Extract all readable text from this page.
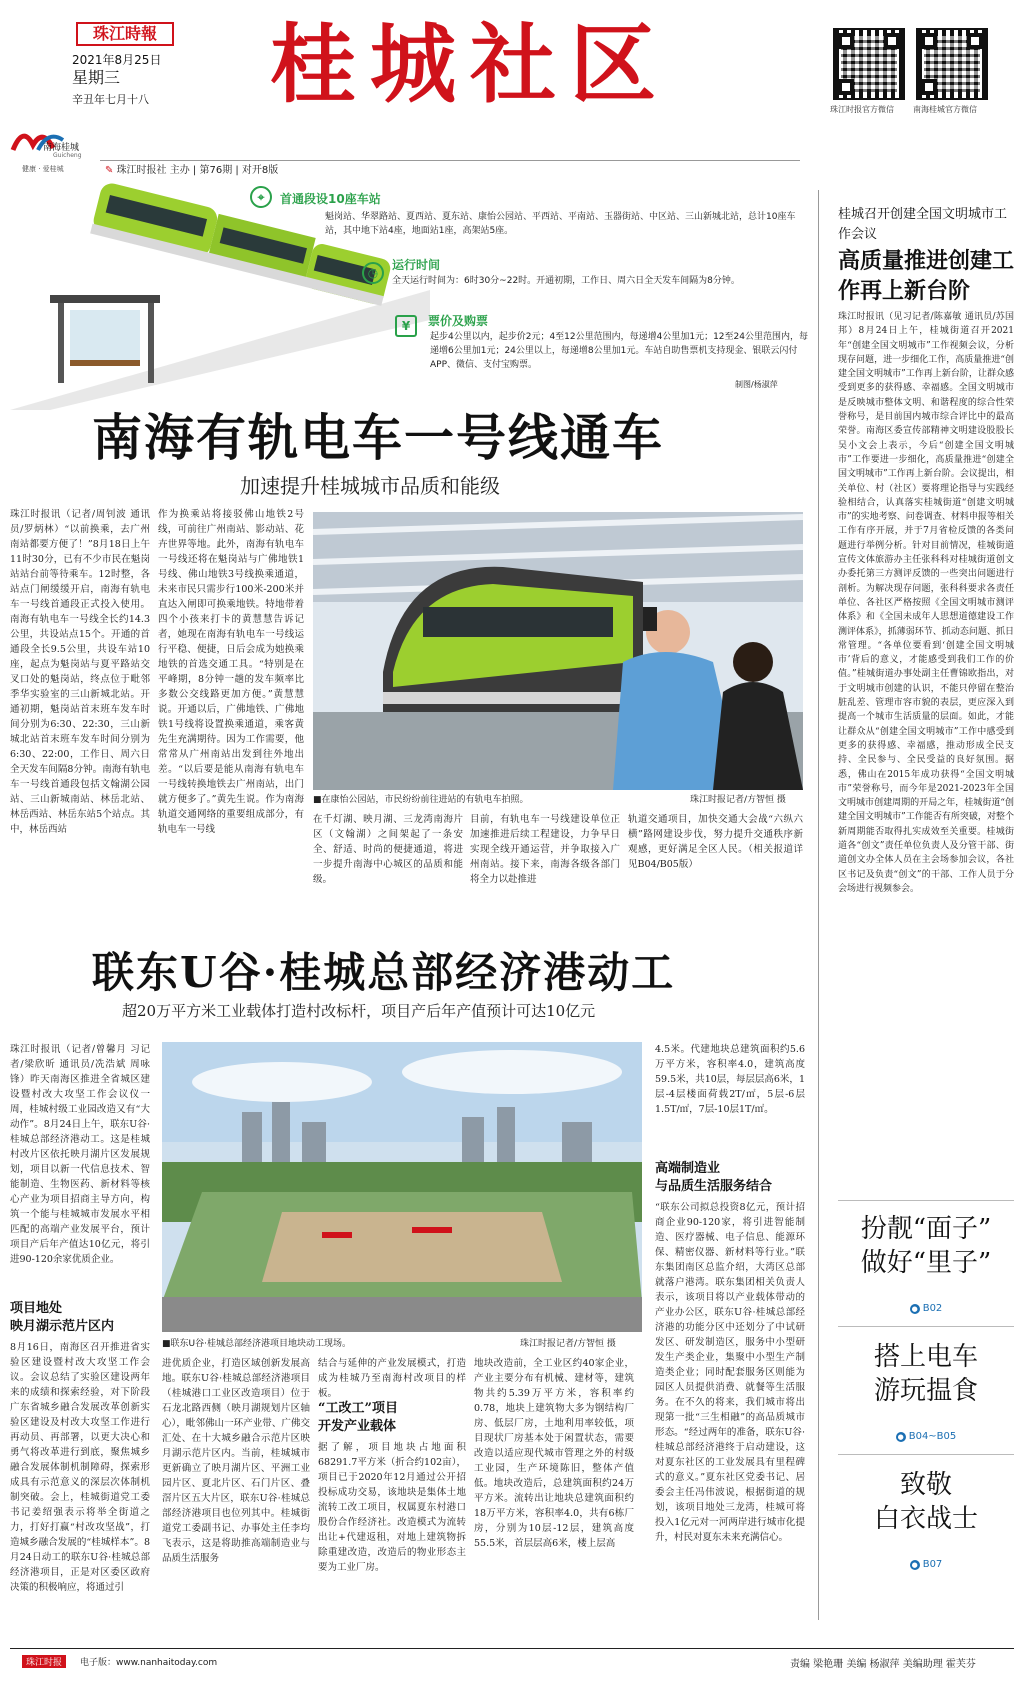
珠江時報
2021年8月25日
星期三
辛丑年七月十八 桂城社区	珠江时报官方微信 南海桂城官方微信
南海桂城
Guicheng
健康 · 爱桂城	✎ 珠江时报社 主办 | 第76期 | 对开8版
⌖	首通段设10座车站
魁岗站、华翠路站、夏西站、夏东站、康怡公园站、平西站、平南站、玉器街站、中区站、三山新城北站，总计10座车站，其中地下站4座，地面站1座，高架站5座。
◷
运行时间
全天运行时间为：6时30分~22时。开通初期，工作日、周六日全天发车间隔为8分钟。
¥	票价及购票
起步4公里以内，起步价2元；4至12公里范围内，每递增4公里加1元；12至24公里范围内，每递增6公里加1元；24公里以上，每递增8公里加1元。车站自助售票机支持现金、银联云闪付APP、微信、支付宝购票。
制图/杨淑萍
南海有轨电车一号线通车
加速提升桂城城市品质和能级
珠江时报讯（记者/周钊波 通讯员/罗炳林）“以前换乘，去广州南站都要方便了！”8月18日上午11时30分，已有不少市民在魁岗站站台前等待乘车。12时整，各站点门闸缓缓开启，南海有轨电车一号线首通段正式投入使用。南海有轨电车一号线全长约14.3公里，共设站点15个。开通的首通段全长9.5公里，共设车站10座，起点为魁岗站与夏平路站交叉口处的魁岗站，终点位于毗邻季华实验室的三山新城北站。开通初期，魁岗站首末班车发车时间分别为6:30、22:30，三山新城北站首末班车发车时间分别为6:30、22:00，工作日、周六日全天发车间隔8分钟。南海有轨电车一号线首通段包括文翰湖公园站、三山新城南站、林岳北站、林岳西站、林岳东站5个站点。其中，林岳西站
作为换乘站将接驳佛山地铁2号线，可前往广州南站、影动站、花卉世界等地。此外，南海有轨电车一号线还将在魁岗站与广佛地铁1号线、佛山地铁3号线换乘通道，未来市民只需步行100米-200米并直达入闸即可换乘地铁。特地带着四个小孩来打卡的黄慧慧告诉记者，她现在南海有轨电车一号线运行平稳、便捷，日后会成为她换乘地铁的首选交通工具。“特别是在平峰期，8分钟一趟的发车频率比多数公交线路更加方便。”黄慧慧说。开通以后，广佛地铁、广佛地铁1号线将设置换乘通道，乘客黄先生充满期待。因为工作需要，他常常从广州南站出发到往外地出差。“以后要是能从南海有轨电车一号线转换地铁去广州南站，出门就方便多了。”黄先生说。作为南海轨道交通网络的重要组成部分，有轨电车一号线
■在康怡公园站，市民纷纷前往进站的有轨电车拍照。	珠江时报记者/方智恒 摄
在千灯湖、映月湖、三龙湾南海片区（文翰湖）之间架起了一条安全、舒适、时尚的便捷通道，将进一步提升南海中心城区的品质和能级。
目前，有轨电车一号线建设单位正加速推进后续工程建设，力争早日实现全线开通运营，并争取接入广州南站。接下来，南海各级各部门将全力以赴推进
轨道交通项目，加快交通大会战“六纵六横”路网建设步伐，努力提升交通秩序新观感，更好满足全区人民。（相关报道详见B04/B05版）
联东U谷·桂城总部经济港动工
超20万平方米工业载体打造村改标杆，项目产后年产值预计可达10亿元
珠江时报讯（记者/曾馨月 习记者/梁欣昕 通讯员/冼浩斌 周咏锋）昨天南海区推进全省城区建设暨村改大攻坚工作会议仪一周，桂城村级工业园改造又有“大动作”。8月24日上午，联东U谷·桂城总部经济港动工。这是桂城村改片区依托映月湖片区发展规划，项目以新一代信息技术、智能制造、生物医药、新材料等核心产业为项目招商主导方向，构筑一个能与桂城城市发展水平相匹配的高端产业发展平台，预计项目产后年产值达10亿元，将引进90-120余家优质企业。
项目地处
映月湖示范片区内
8月16日，南海区召开推进省实验区建设暨村改大攻坚工作会议。会议总结了实验区建设两年来的成绩和探索经验，对下阶段广东省城乡融合发展改革创新实验区建设及村改大攻坚工作进行再动员、再部署，以更大决心和勇气将改革进行到底，聚焦城乡融合发展体制机制障碍，探索形成具有示范意义的深层次体制机制突破。会上，桂城街道党工委书记姜绍强表示将举全街道之力，打好打赢“村改攻坚战”，打造城乡融合发展的“桂城样本”。8月24日动工的联东U谷·桂城总部经济港项目，正是对区委区政府决策的积极响应，将通过引
■联东U谷·桂城总部经济港项目地块动工现场。	珠江时报记者/方智恒 摄
进优质企业，打造区域创新发展高地。联东U谷·桂城总部经济港项目（桂城港口工业区改造项目）位于石龙北路西侧（映月湖规划片区轴心），毗邻佛山一环产业带、广佛交汇处、在十大城乡融合示范片区映月湖示范片区内。当前，桂城城市更新确立了映月湖片区、平洲工业园片区、夏北片区、石门片区、叠滘片区五大片区，联东U谷·桂城总部经济港项目也位列其中。桂城街道党工委副书记、办事处主任李均飞表示，这是将助推高端制造业与品质生活服务
结合与延伸的产业发展模式，打造成为桂城乃至南海村改项目的样板。
“工改工”项目
开发产业载体
据了解，项目地块占地面积68291.7平方米（折合约102亩），项目已于2020年12月通过公开招投标成功交易，该地块是集体土地流转工改工项目，权属夏东村港口股份合作经济社。改造模式为流转出让+代建返租，对地上建筑物拆除重建改造，改造后的物业形态主要为工业厂房。
地块改造前，全工业区约40家企业，产业主要分布有机械、建材等，建筑物共约5.39万平方米，容积率约0.78，地块上建筑物大多为钢结构厂房、低层厂房，土地利用率较低，项目现状厂房基本处于闲置状态，需要改造以适应现代城市管理之外的村级工业园，生产环境陈旧，整体产值低。地块改造后，总建筑面积约24万平方米。流转出让地块总建筑面积约18万平方米，容积率4.0，共有6栋厂房，分别为10层-12层，建筑高度55.5米，首层层高6米，楼上层高
4.5米。代建地块总建筑面积约5.6万平方米，容积率4.0，建筑高度59.5米，共10层，每层层高6米，1层-4层楼面荷载2T/㎡，5层-6层1.5T/㎡，7层-10层1T/㎡。
高端制造业
与品质生活服务结合
“联东公司拟总投资8亿元，预计招商企业90-120家，将引进智能制造、医疗器械、电子信息、能源环保、精密仪器、新材料等行业。”联东集团南区总监介绍，大湾区总部就落户港湾。联东集团相关负责人表示，该项目将以产业载体带动的产业办公区，联东U谷·桂城总部经济港的功能分区中还划分了中试研发区、研发制造区，服务中小型研发生产类企业，集聚中小型生产制造类企业；同时配套服务区则能为园区人员提供消费、就餐等生活服务。在不久的将来，我们城市将出现第一批“三生相融”的高品质城市形态。“经过两年的准备，联东U谷·桂城总部经济港终于启动建设，这对夏东社区的工业发展具有里程碑式的意义。”夏东社区党委书记、居委会主任冯伟波说，根据街道的规划，该项目地处三龙湾，桂城可将投入1亿元对一河两岸进行城市化提升，村民对夏东未来充满信心。
桂城召开创建全国文明城市工作会议
高质量推进创建工作再上新台阶
珠江时报讯（见习记者/陈嘉敏 通讯员/苏国邦）8月24日上午，桂城街道召开2021年“创建全国文明城市”工作视频会议，分析现存问题，进一步细化工作，高质量推进“创建全国文明城市”工作再上新台阶，让群众感受到更多的获得感、幸福感。全国文明城市是反映城市整体文明、和谐程度的综合性荣誉称号，是目前国内城市综合评比中的最高荣誉。南海区委宣传部精神文明建设股股长吴小文会上表示，今后“创建全国文明城市”工作要进一步细化，高质量推进“创建全国文明城市”工作再上新台阶。会议提出，相关单位、村（社区）要将理论指导与实践经验相结合，认真落实桂城街道“创建文明城市”的实地考察、问卷调查、材料申报等相关工作有序开展，并于7月省检反馈的各类问题进行举例分析。针对目前情况，桂城街道宣传文体旅游办主任张科科对桂城街道创文办委托第三方测评反馈的一些突出问题进行剖析。为解决现存问题，张科科要求各责任单位、各社区严格按照《全国文明城市测评体系》和《全国未成年人思想道德建设工作测评体系》，抓薄弱环节、抓动态问题、抓日常管理。“各单位要看到‘创建全国文明城市’背后的意义，才能感受到我们工作的价值。”桂城街道办事处副主任曹锦欧指出，对于文明城市创建的认识，不能只停留在整治脏乱差、管理市容市貌的表层，更应深入到提高一个城市生活质量的层面。如此，才能让群众从“创建全国文明城市”工作中感受到更多的获得感、幸福感，推动形成全民支持、全民参与、全民受益的良好氛围。据悉，佛山在2015年成功获得“全国文明城市”荣誉称号，而今年是2021-2023年全国文明城市创建周期的开局之年，桂城街道“创建全国文明城市”工作能否有所突破，对整个新周期能否取得扎实成效至关重要。桂城街道各“创文”责任单位负责人及分管干部、街道创文办全体人员在主会场参加会议，各社区书记及负责“创文”的干部、工作人员于分会场进行视频参会。
扮靓“面子”
做好“里子”
● B02
搭上电车
游玩揾食
● B04~B05
致敬
白衣战士
● B07
珠江时报	电子版：www.nanhaitoday.com	责编 梁艳珊 美编 杨淑萍 美编助理 霍芙芬
